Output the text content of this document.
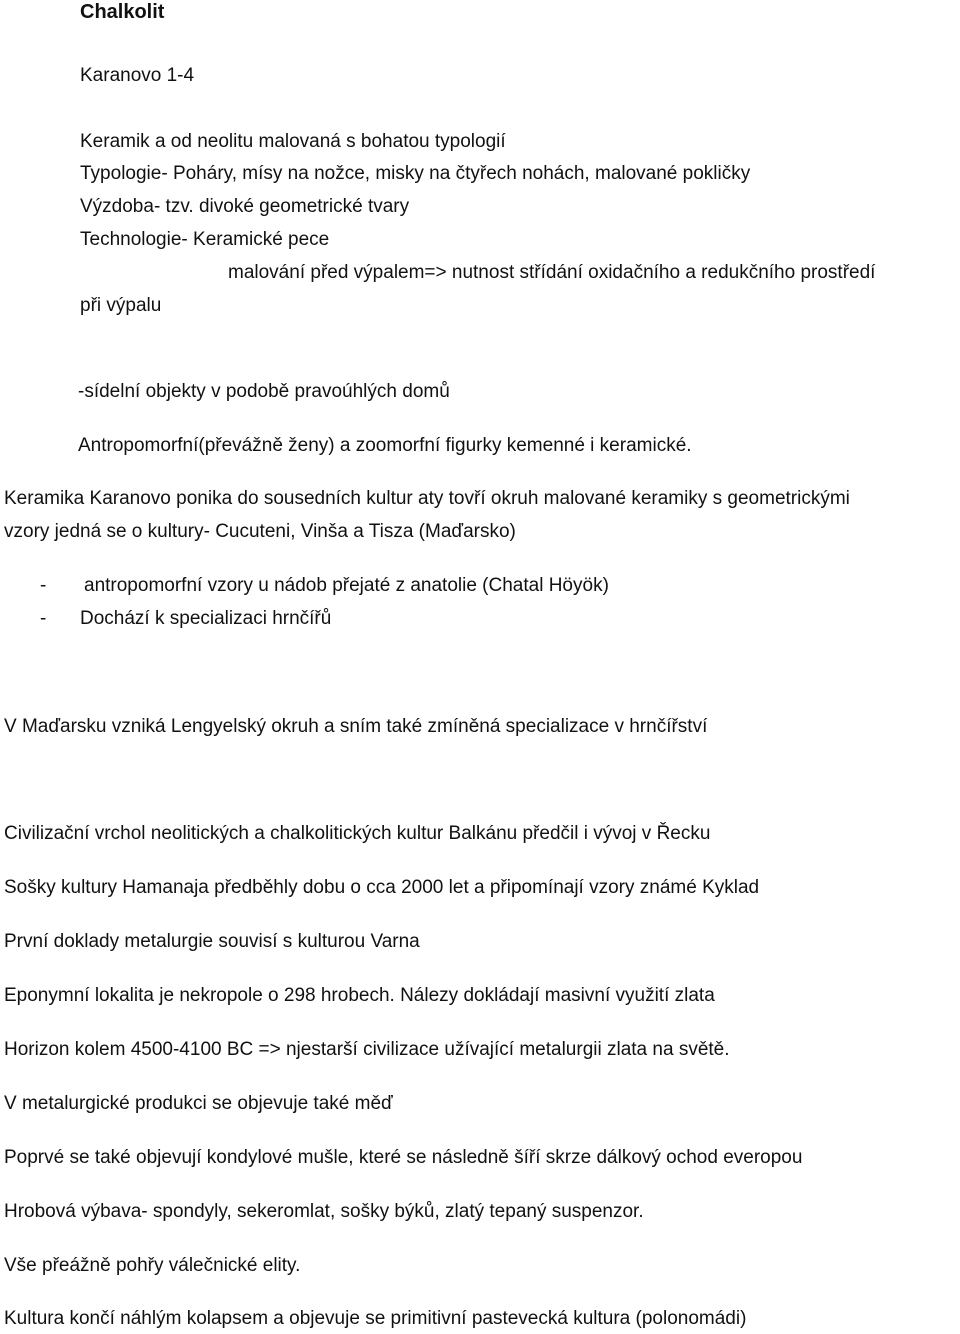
Chalkolit
Karanovo 1-4
Keramik a od neolitu malovaná s bohatou typologií
Typologie- Poháry, mísy na nožce, misky na čtyřech nohách, malované pokličky
Výzdoba- tzv. divoké geometrické tvary
Technologie- Keramické pece
malování před výpalem=> nutnost střídání oxidačního a redukčního prostředí
při výpalu
-sídelní objekty v podobě pravoúhlých domů
Antropomorfní(převážně ženy) a zoomorfní figurky kemenné i keramické.
Keramika Karanovo ponika do sousedních kultur aty tovří okruh malované keramiky s geometrickými
vzory jedná se o kultury- Cucuteni, Vinša a Tisza (Maďarsko)
- antropomorfní vzory u nádob přejaté z anatolie (Chatal Höyök)
- Dochází k specializaci hrnčířů
V Maďarsku vzniká Lengyelský okruh a sním také zmíněná specializace v hrnčířství
Civilizační vrchol neolitických a chalkolitických kultur Balkánu předčil i vývoj v Řecku
Sošky kultury Hamanaja předběhly dobu o cca 2000 let a připomínají vzory známé Kyklad
První doklady metalurgie souvisí s kulturou Varna
Eponymní lokalita je nekropole o 298 hrobech. Nálezy dokládají masivní využití zlata
Horizon kolem 4500-4100 BC => njestarší civilizace užívající metalurgii zlata na světě.
V metalurgické produkci se objevuje také měď
Poprvé se také objevují kondylové mušle, které se následně šíří skrze dálkový ochod everopou
Hrobová výbava- spondyly, sekeromlat, sošky býků, zlatý tepaný suspenzor.
Vše přeážně pohřy válečnické elity.
Kultura končí náhlým kolapsem a objevuje se primitivní pastevecká kultura (polonomádi)
